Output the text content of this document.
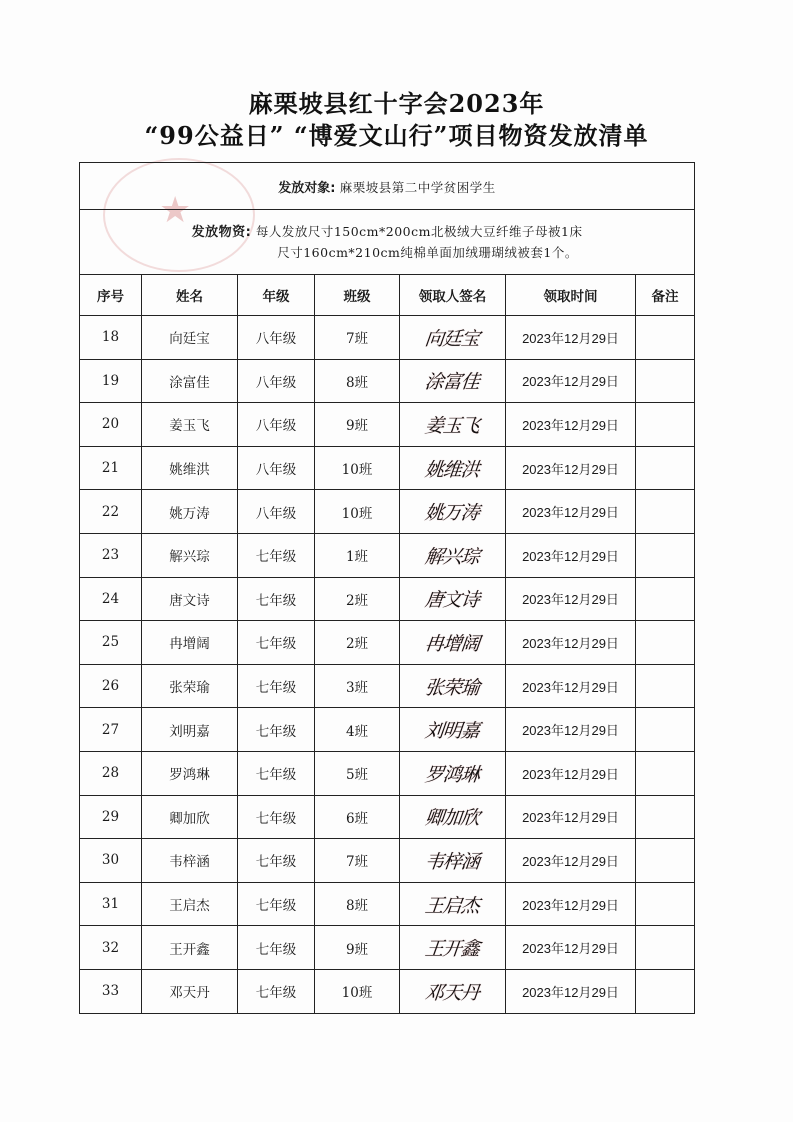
麻栗坡县红十字会2023年
“99公益日” “博爱文山行”项目物资发放清单
★
发放对象: 麻栗坡县第二中学贫困学生						
发放物资: 每人发放尺寸150cm*200cm北极绒大豆纤维子母被1床
尺寸160cm*210cm纯棉单面加绒珊瑚绒被套1个。						

序号	姓名	年级	班级	领取人签名	领取时间	备注
18	向廷宝	八年级	7班	向廷宝	2023年12月29日	
19	涂富佳	八年级	8班	涂富佳	2023年12月29日	
20	姜玉飞	八年级	9班	姜玉飞	2023年12月29日	
21	姚维洪	八年级	10班	姚维洪	2023年12月29日	
22	姚万涛	八年级	10班	姚万涛	2023年12月29日	
23	解兴琮	七年级	1班	解兴琮	2023年12月29日	
24	唐文诗	七年级	2班	唐文诗	2023年12月29日	
25	冉增阔	七年级	2班	冉增阔	2023年12月29日	
26	张荣瑜	七年级	3班	张荣瑜	2023年12月29日	
27	刘明嘉	七年级	4班	刘明嘉	2023年12月29日	
28	罗鸿琳	七年级	5班	罗鸿琳	2023年12月29日	
29	卿加欣	七年级	6班	卿加欣	2023年12月29日	
30	韦梓涵	七年级	7班	韦梓涵	2023年12月29日	
31	王启杰	七年级	8班	王启杰	2023年12月29日	
32	王开鑫	七年级	9班	王开鑫	2023年12月29日	
33	邓天丹	七年级	10班	邓天丹	2023年12月29日	
